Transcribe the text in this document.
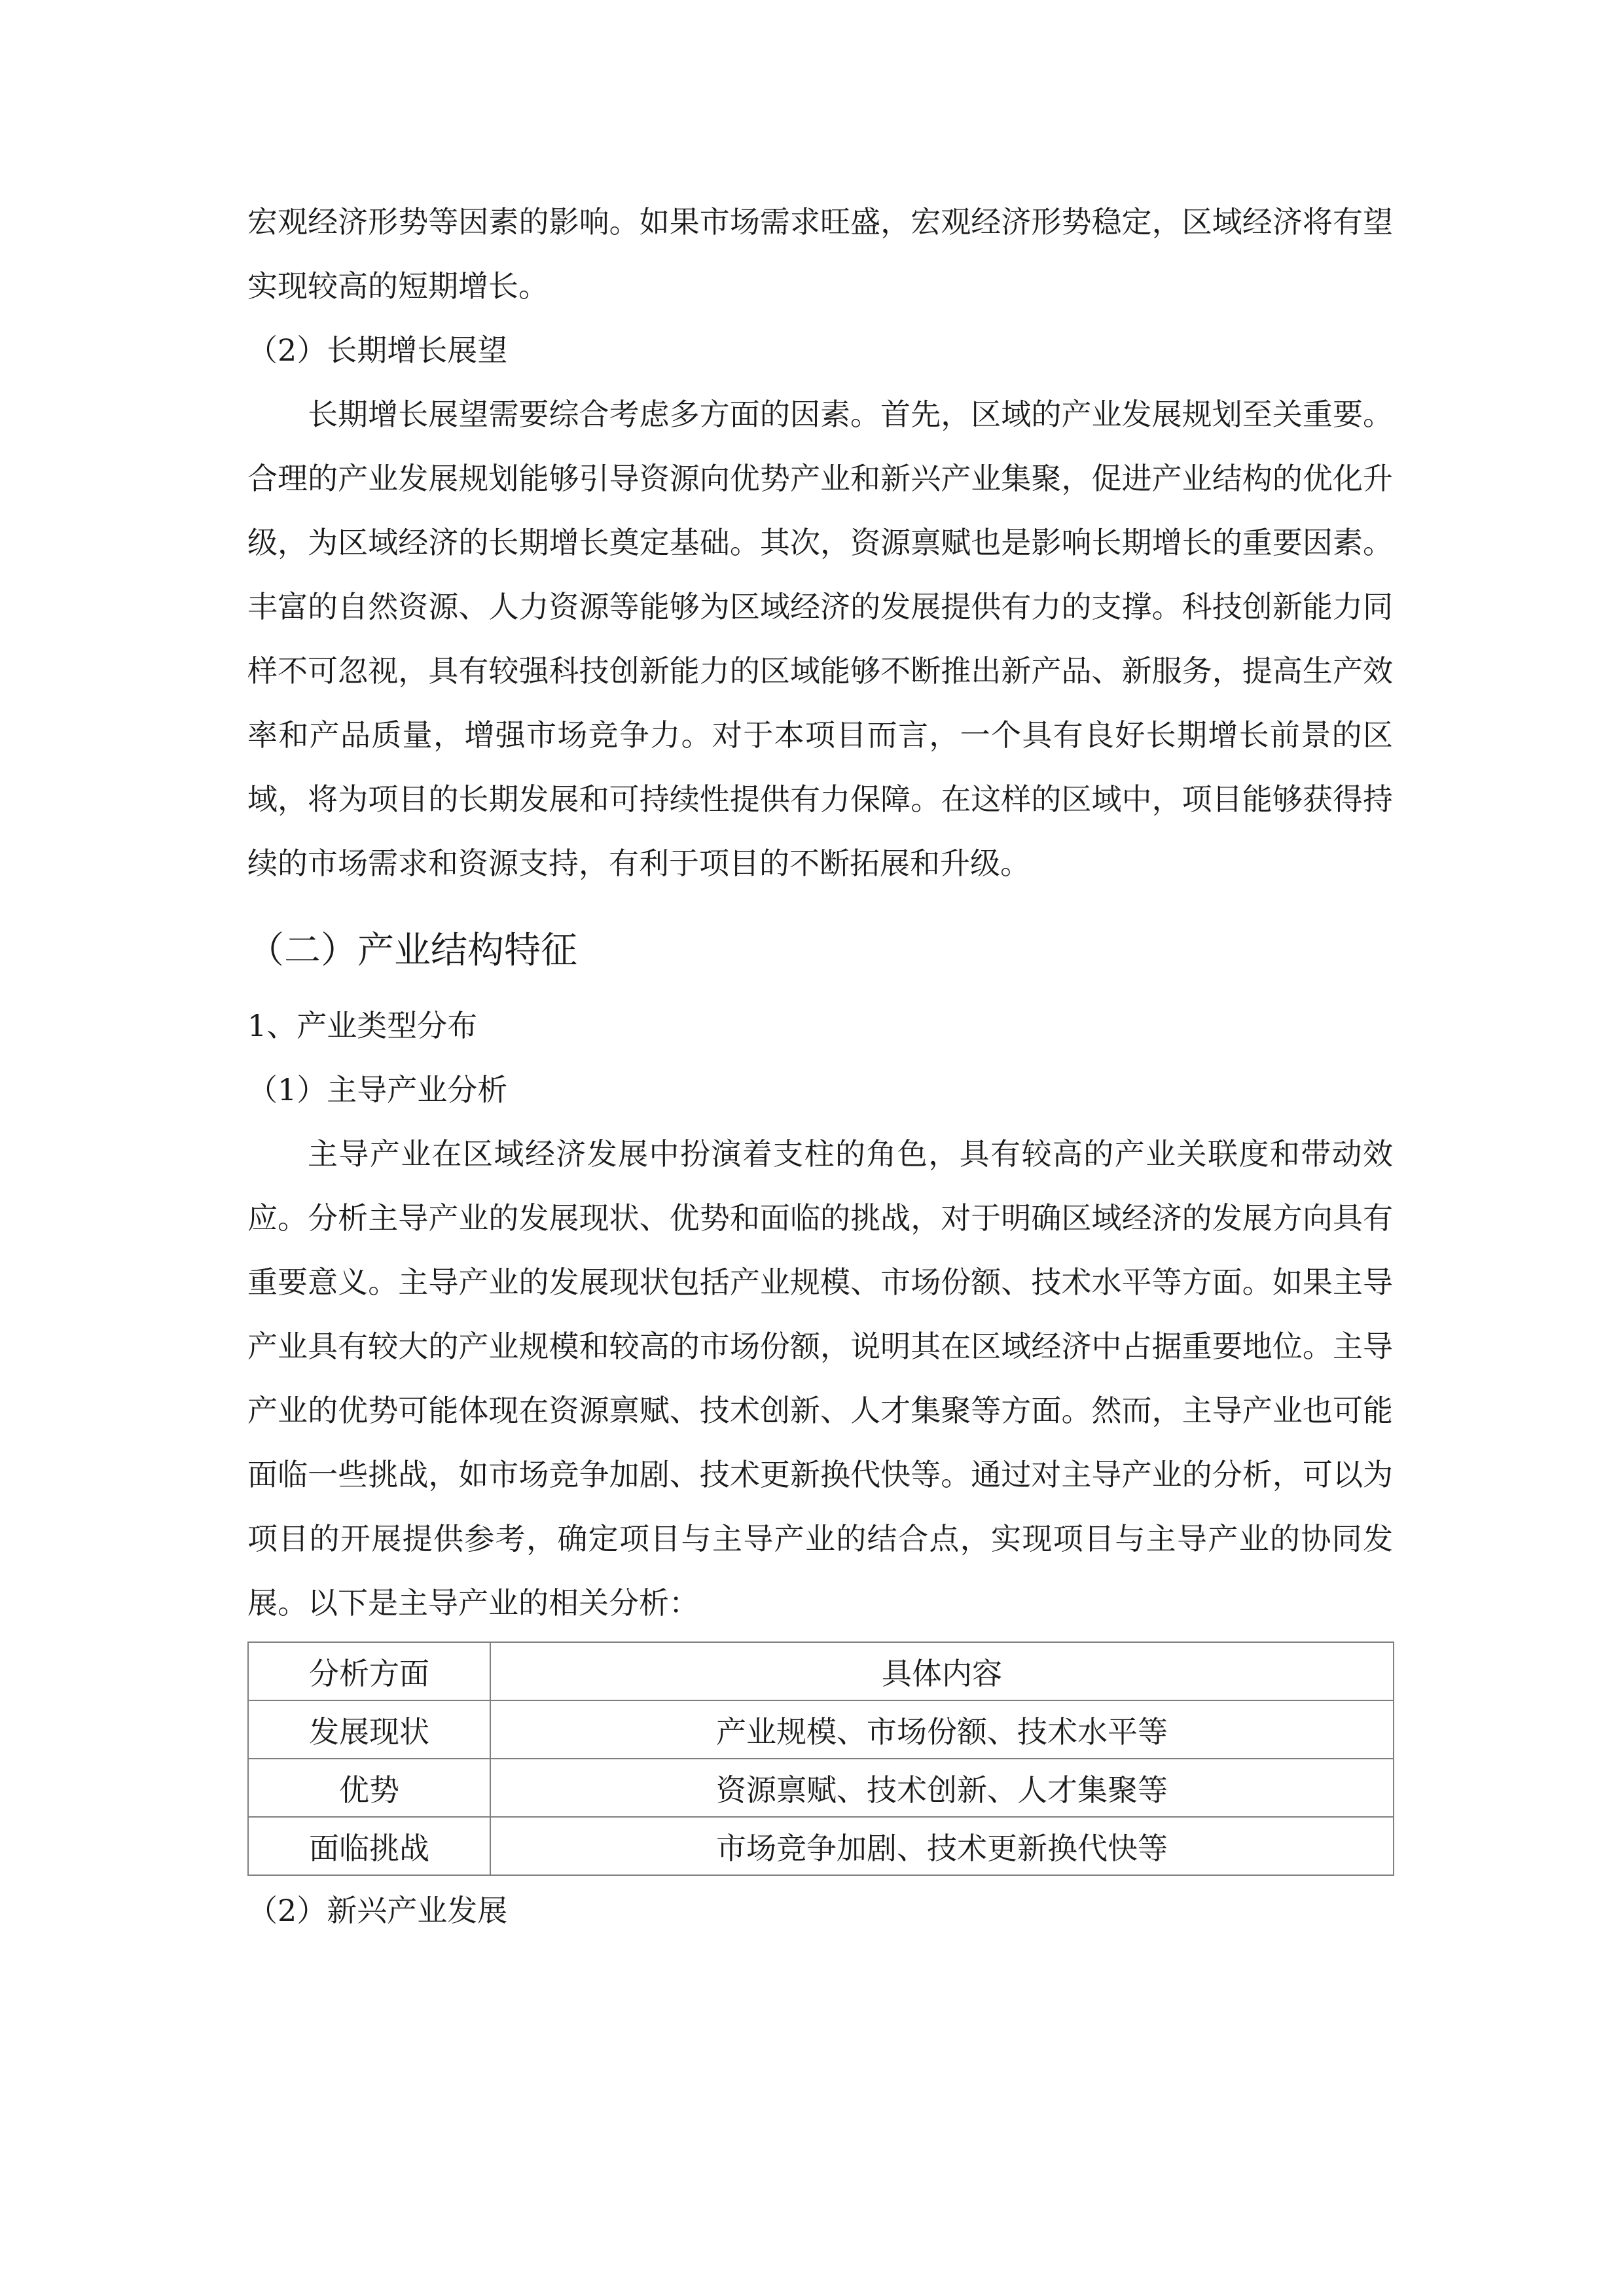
宏观经济形势等因素的影响。如果市场需求旺盛，宏观经济形势稳定，区域经济将有望实现较高的短期增长。

（2）长期增长展望

长期增长展望需要综合考虑多方面的因素。首先，区域的产业发展规划至关重要。合理的产业发展规划能够引导资源向优势产业和新兴产业集聚，促进产业结构的优化升级，为区域经济的长期增长奠定基础。其次，资源禀赋也是影响长期增长的重要因素。丰富的自然资源、人力资源等能够为区域经济的发展提供有力的支撑。科技创新能力同样不可忽视，具有较强科技创新能力的区域能够不断推出新产品、新服务，提高生产效率和产品质量，增强市场竞争力。对于本项目而言，一个具有良好长期增长前景的区域，将为项目的长期发展和可持续性提供有力保障。在这样的区域中，项目能够获得持续的市场需求和资源支持，有利于项目的不断拓展和升级。

（二）产业结构特征

1、产业类型分布

（1）主导产业分析

主导产业在区域经济发展中扮演着支柱的角色，具有较高的产业关联度和带动效应。分析主导产业的发展现状、优势和面临的挑战，对于明确区域经济的发展方向具有重要意义。主导产业的发展现状包括产业规模、市场份额、技术水平等方面。如果主导产业具有较大的产业规模和较高的市场份额，说明其在区域经济中占据重要地位。主导产业的优势可能体现在资源禀赋、技术创新、人才集聚等方面。然而，主导产业也可能面临一些挑战，如市场竞争加剧、技术更新换代快等。通过对主导产业的分析，可以为项目的开展提供参考，确定项目与主导产业的结合点，实现项目与主导产业的协同发展。以下是主导产业的相关分析：

分析方面	具体内容
发展现状	产业规模、市场份额、技术水平等
优势	资源禀赋、技术创新、人才集聚等
面临挑战	市场竞争加剧、技术更新换代快等

（2）新兴产业发展
